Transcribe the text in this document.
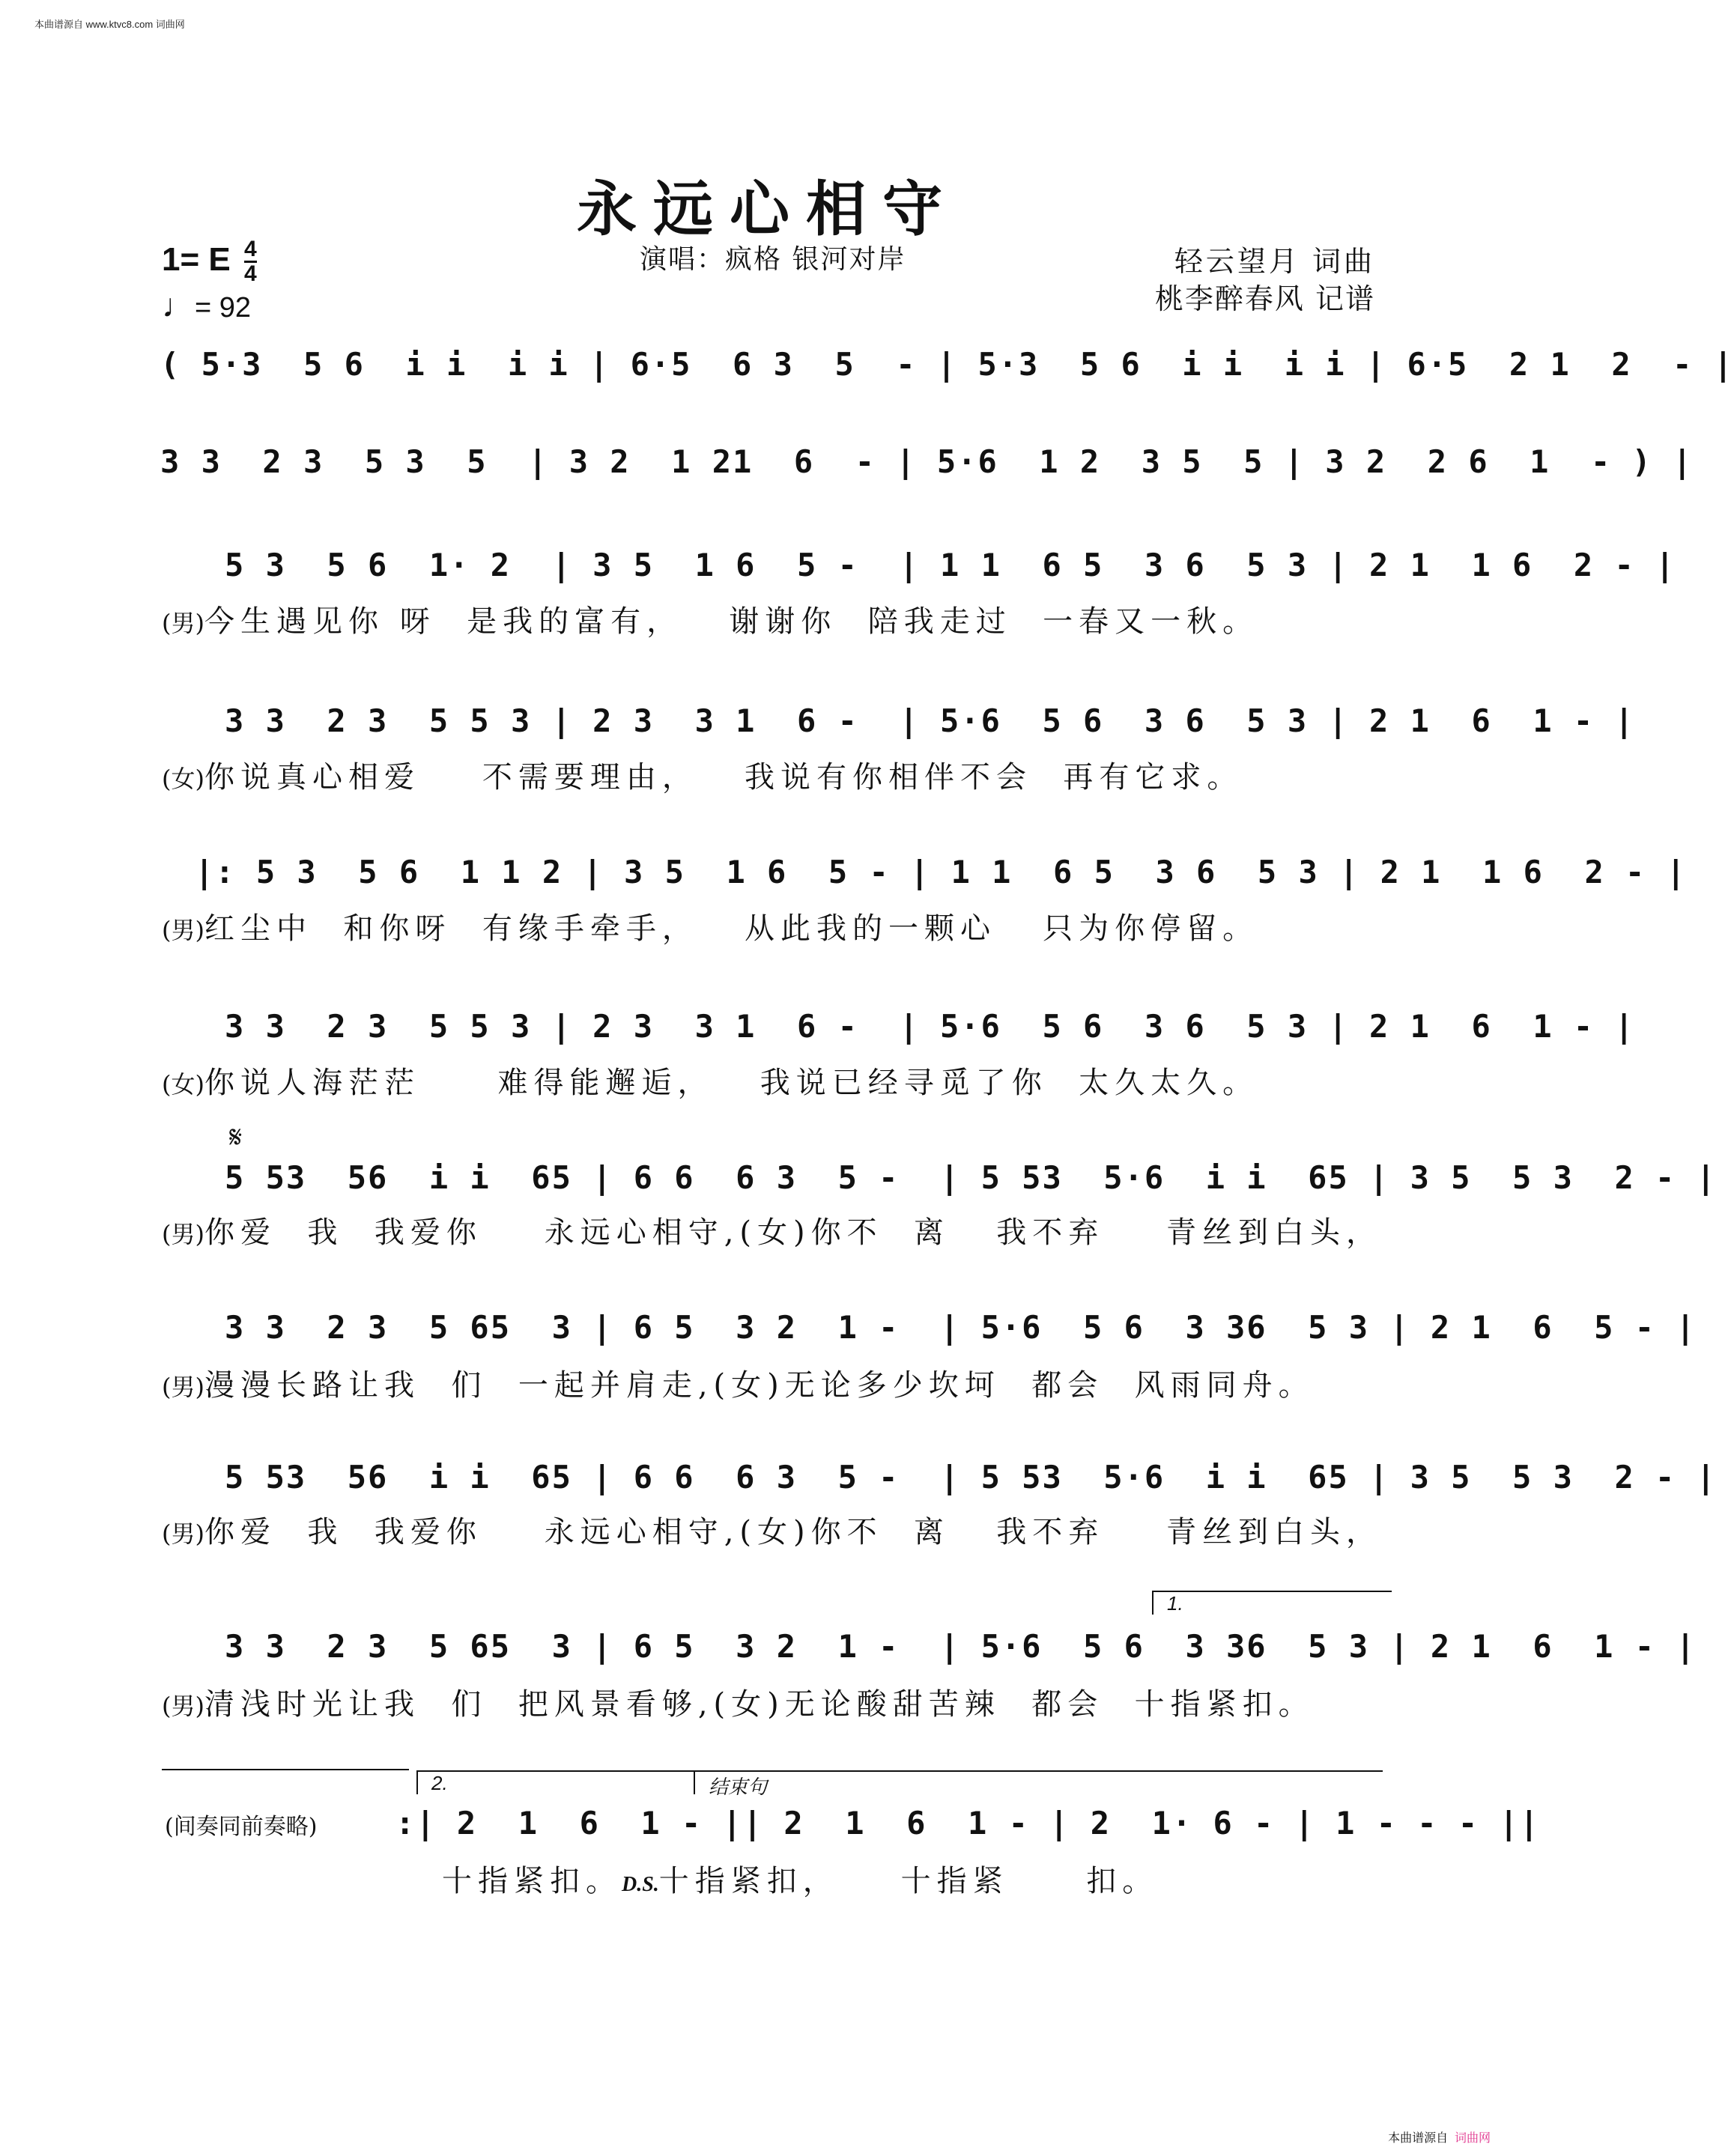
本曲谱源自 www.ktvc8.com 词曲网
永远心相守
1= E $\frac{4}{4}$
♩= 92
演唱：疯格 银河对岸	轻云望月 词曲
桃李醉春风 记谱
( 5·3  5 6  i i  i i | 6·5  6 3  5  - | 5·3  5 6  i i  i i | 6·5  2 1  2  - |
3 3  2 3  5 3  5  | 3 2  1 21  6  - | 5·6  1 2  3 5  5 | 3 2  2 6  1  - ) |
5 3  5 6  1· 2  | 3 5  1 6  5 -  | 1 1  6 5  3 6  5 3 | 2 1  1 6  2 - |
(男)今生遇见你 呀  是我的富有，   谢谢你  陪我走过  一春又一秋。
3 3  2 3  5 5 3 | 2 3  3 1  6 -  | 5·6  5 6  3 6  5 3 | 2 1  6  1 - |
(女)你说真心相爱    不需要理由，   我说有你相伴不会  再有它求。
|: 5 3  5 6  1 1 2 | 3 5  1 6  5 - | 1 1  6 5  3 6  5 3 | 2 1  1 6  2 - |
(男)红尘中  和你呀  有缘手牵手，   从此我的一颗心   只为你停留。
3 3  2 3  5 5 3 | 2 3  3 1  6 -  | 5·6  5 6  3 6  5 3 | 2 1  6  1 - |
(女)你说人海茫茫     难得能邂逅，   我说已经寻觅了你  太久太久。
𝄋
5 53  56  i i  65 | 6 6  6 3  5 -  | 5 53  5·6  i i  65 | 3 5  5 3  2 - |
(男)你爱  我  我爱你    永远心相守,(女)你不  离   我不弃    青丝到白头，
3 3  2 3  5 65  3 | 6 5  3 2  1 -  | 5·6  5 6  3 36  5 3 | 2 1  6  5 - |
(男)漫漫长路让我  们  一起并肩走,(女)无论多少坎坷  都会  风雨同舟。
5 53  56  i i  65 | 6 6  6 3  5 -  | 5 53  5·6  i i  65 | 3 5  5 3  2 - |
(男)你爱  我  我爱你    永远心相守,(女)你不  离   我不弃    青丝到白头，
1.
3 3  2 3  5 65  3 | 6 5  3 2  1 -  | 5·6  5 6  3 36  5 3 | 2 1  6  1 - |
(男)清浅时光让我  们  把风景看够,(女)无论酸甜苦辣  都会  十指紧扣。
(间奏同前奏略)
2.	结束句
:| 2  1  6  1 - || 2  1  6  1 - | 2  1· 6 - | 1 - - - ||
十指紧扣。D.S.十指紧扣，    十指紧     扣。
本曲谱源自 词曲网
